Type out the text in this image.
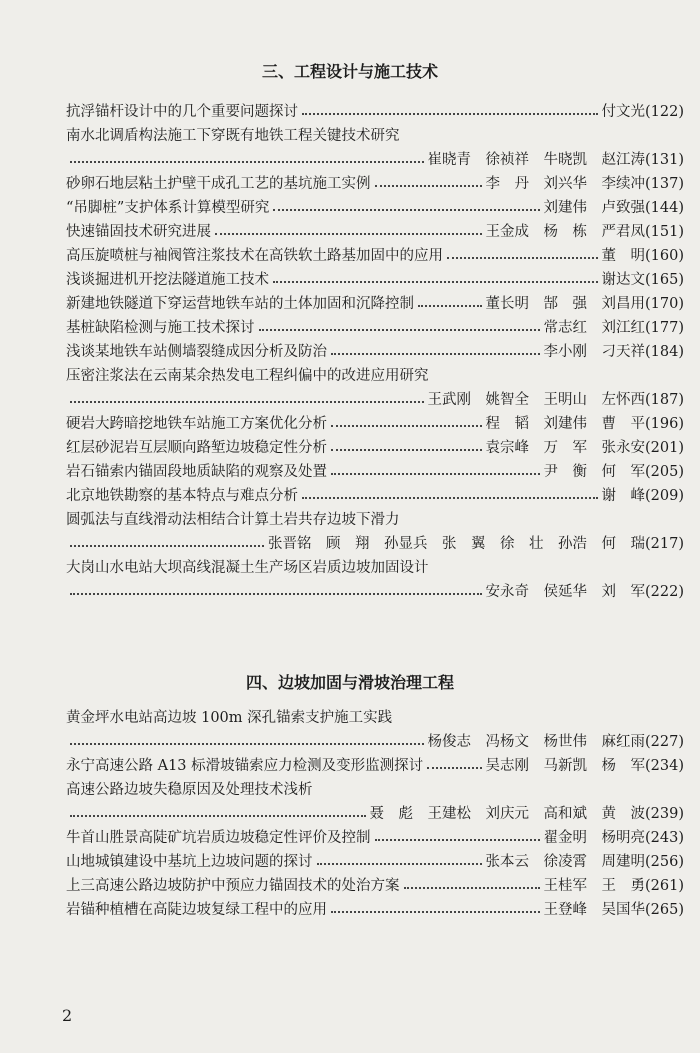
三、工程设计与施工技术
抗浮锚杆设计中的几个重要问题探讨	付文光(122)
南水北调盾构法施工下穿既有地铁工程关键技术研究
崔晓青　徐祯祥　牛晓凯　赵江涛(131)
砂卵石地层粘土护壁干成孔工艺的基坑施工实例	李　丹　刘兴华　李续冲(137)
“吊脚桩”支护体系计算模型研究	刘建伟　卢致强(144)
快速锚固技术研究进展	王金成　杨　栋　严君凤(151)
高压旋喷桩与袖阀管注浆技术在高铁软土路基加固中的应用	董　明(160)
浅谈掘进机开挖法隧道施工技术	谢达文(165)
新建地铁隧道下穿运营地铁车站的土体加固和沉降控制	董长明　郜　强　刘昌用(170)
基桩缺陷检测与施工技术探讨	常志红　刘江红(177)
浅谈某地铁车站侧墙裂缝成因分析及防治	李小刚　刁天祥(184)
压密注浆法在云南某余热发电工程纠偏中的改进应用研究
王武刚　姚智全　王明山　左怀西(187)
硬岩大跨暗挖地铁车站施工方案优化分析	程　韬　刘建伟　曹　平(196)
红层砂泥岩互层顺向路堑边坡稳定性分析	袁宗峰　万　军　张永安(201)
岩石锚索内锚固段地质缺陷的观察及处置	尹　衡　何　军(205)
北京地铁勘察的基本特点与难点分析	谢　峰(209)
圆弧法与直线滑动法相结合计算土岩共存边坡下滑力
张晋铭　顾　翔　孙显兵　张　翼　徐　壮　孙浩　何　瑞(217)
大岗山水电站大坝高线混凝土生产场区岩质边坡加固设计
安永奇　侯延华　刘　军(222)
四、边坡加固与滑坡治理工程
黄金坪水电站高边坡 100m 深孔锚索支护施工实践
杨俊志　冯杨文　杨世伟　麻红雨(227)
永宁高速公路 A13 标滑坡锚索应力检测及变形监测探讨	吴志刚　马新凯　杨　军(234)
高速公路边坡失稳原因及处理技术浅析
聂　彪　王建松　刘庆元　高和斌　黄　波(239)
牛首山胜景高陡矿坑岩质边坡稳定性评价及控制	翟金明　杨明亮(243)
山地城镇建设中基坑上边坡问题的探讨	张本云　徐凌霄　周建明(256)
上三高速公路边坡防护中预应力锚固技术的处治方案	王桂军　王　勇(261)
岩锚种植槽在高陡边坡复绿工程中的应用	王登峰　吴国华(265)
2
